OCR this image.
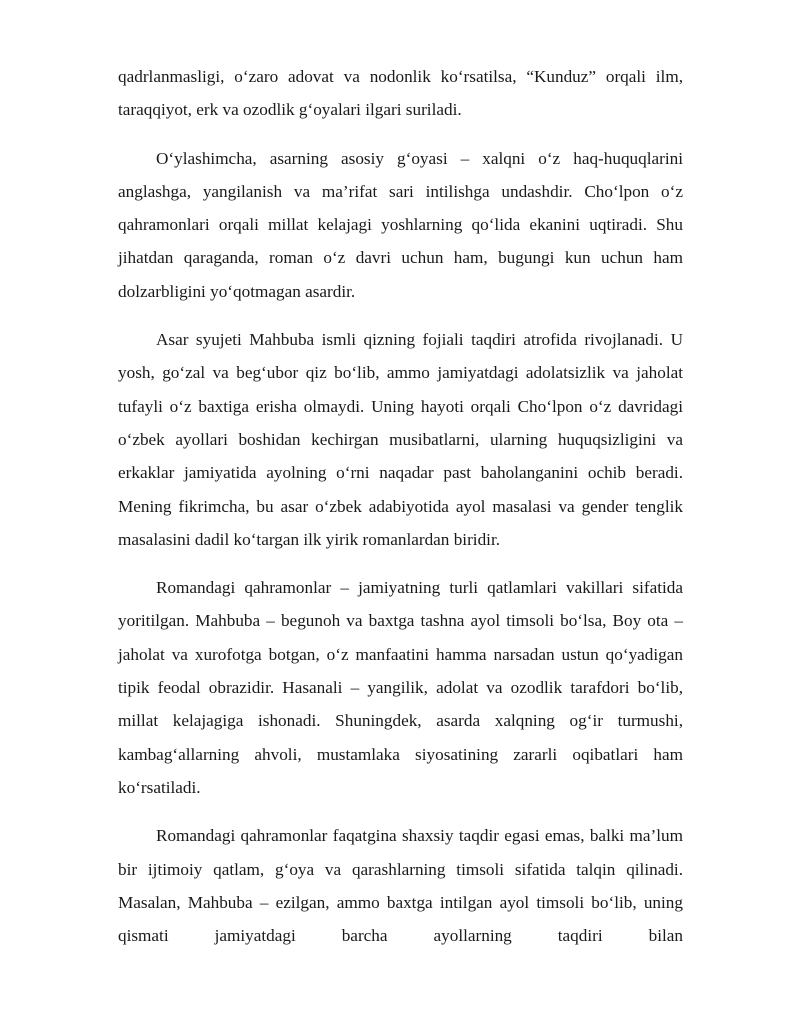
qadrlanmasligi, o‘zaro adovat va nodonlik ko‘rsatilsa, “Kunduz” orqali ilm, taraqqiyot, erk va ozodlik g‘oyalari ilgari suriladi.

O‘ylashimcha, asarning asosiy g‘oyasi – xalqni o‘z haq-huquqlarini anglashga, yangilanish va ma’rifat sari intilishga undashdir. Cho‘lpon o‘z qahramonlari orqali millat kelajagi yoshlarning qo‘lida ekanini uqtiradi. Shu jihatdan qaraganda, roman o‘z davri uchun ham, bugungi kun uchun ham dolzarbligini yo‘qotmagan asardir.

Asar syujeti Mahbuba ismli qizning fojiali taqdiri atrofida rivojlanadi. U yosh, go‘zal va beg‘ubor qiz bo‘lib, ammo jamiyatdagi adolatsizlik va jaholat tufayli o‘z baxtiga erisha olmaydi. Uning hayoti orqali Cho‘lpon o‘z davridagi o‘zbek ayollari boshidan kechirgan musibatlarni, ularning huquqsizligini va erkaklar jamiyatida ayolning o‘rni naqadar past baholanganini ochib beradi. Mening fikrimcha, bu asar o‘zbek adabiyotida ayol masalasi va gender tenglik masalasini dadil ko‘targan ilk yirik romanlardan biridir.

Romandagi qahramonlar – jamiyatning turli qatlamlari vakillari sifatida yoritilgan. Mahbuba – begunoh va baxtga tashna ayol timsoli bo‘lsa, Boy ota – jaholat va xurofotga botgan, o‘z manfaatini hamma narsadan ustun qo‘yadigan tipik feodal obrazidir. Hasanali – yangilik, adolat va ozodlik tarafdori bo‘lib, millat kelajagiga ishonadi. Shuningdek, asarda xalqning og‘ir turmushi, kambag‘allarning ahvoli, mustamlaka siyosatining zararli oqibatlari ham ko‘rsatiladi.

Romandagi qahramonlar faqatgina shaxsiy taqdir egasi emas, balki ma’lum bir ijtimoiy qatlam, g‘oya va qarashlarning timsoli sifatida talqin qilinadi. Masalan, Mahbuba – ezilgan, ammo baxtga intilgan ayol timsoli bo‘lib, uning qismati jamiyatdagi barcha ayollarning taqdiri bilan
